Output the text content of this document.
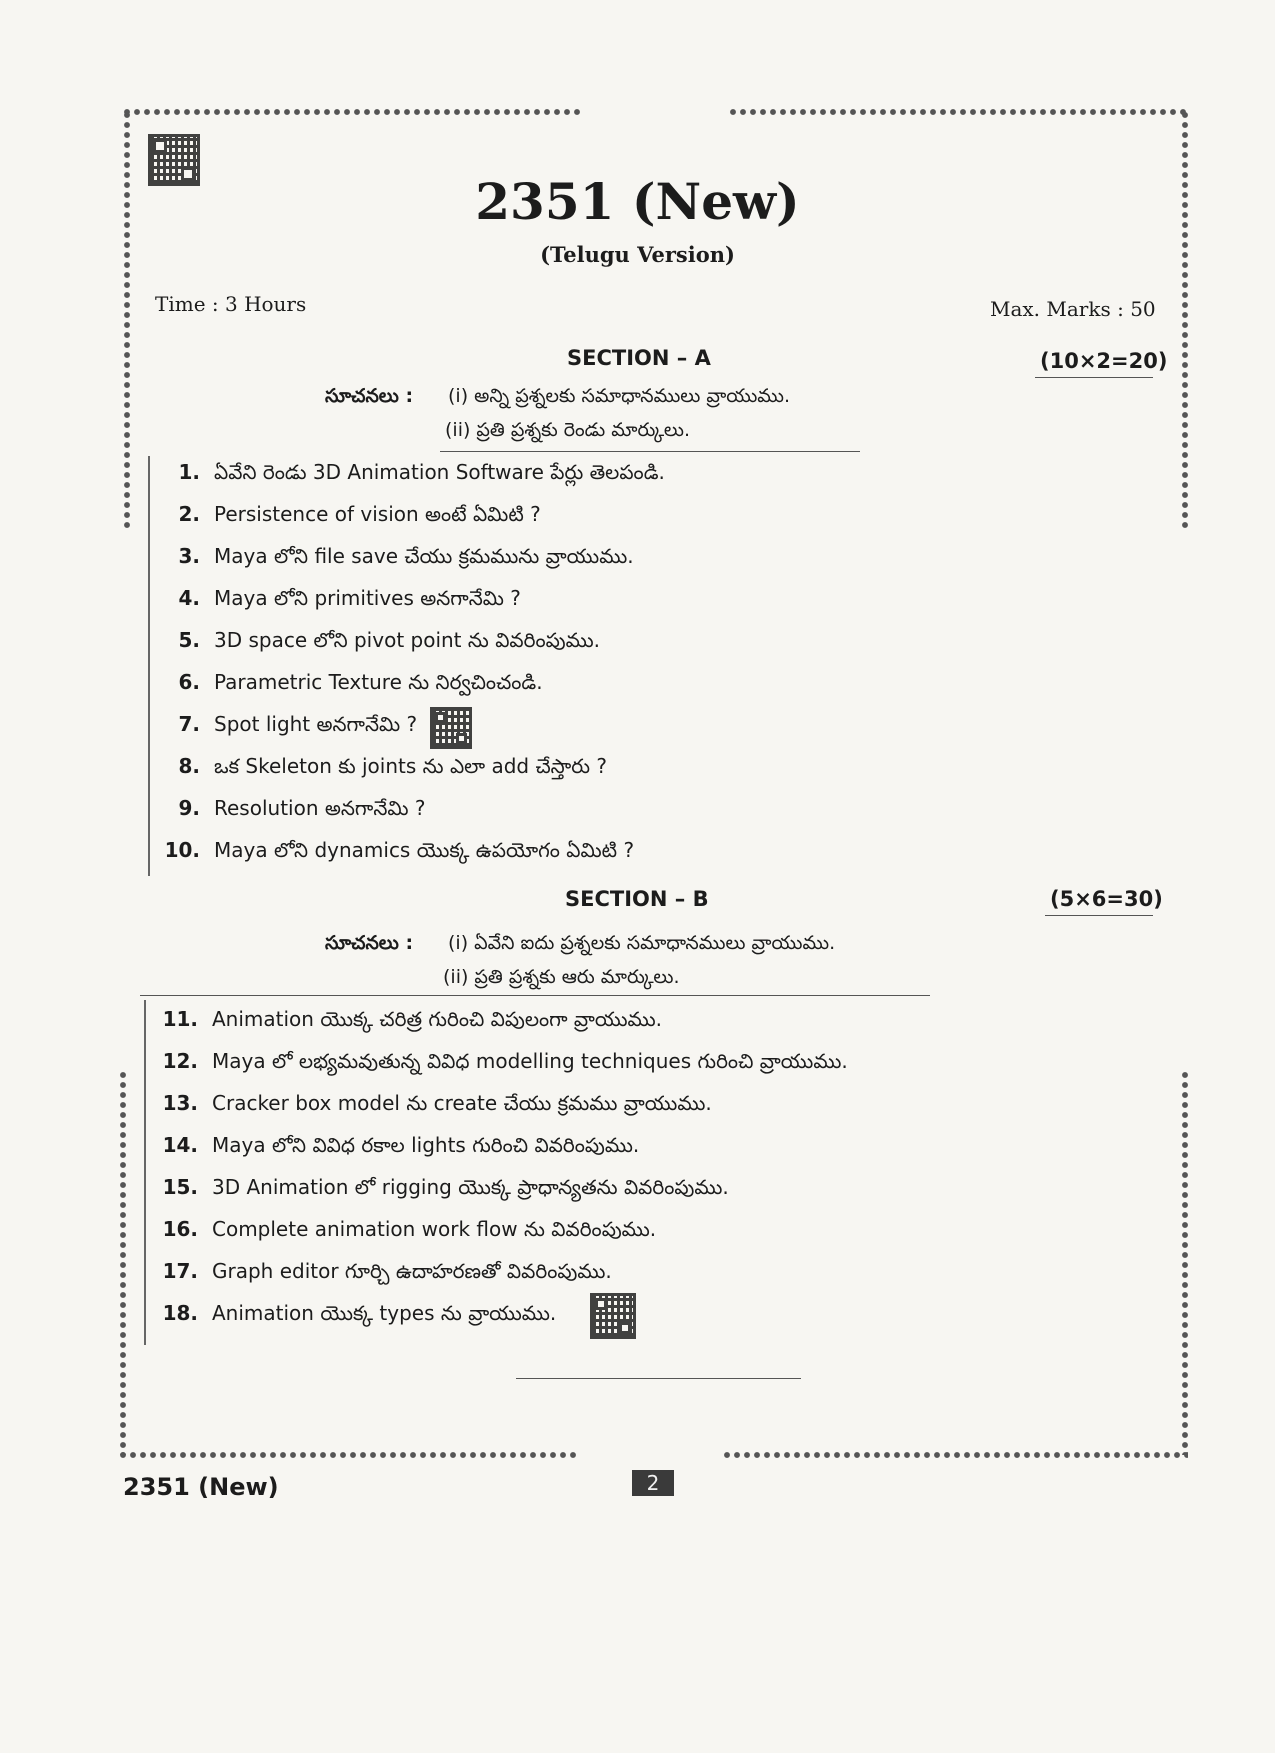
2351 (New)
(Telugu Version)
Time : 3 Hours	Max. Marks : 50
SECTION – A	(10×2=20)
సూచనలు : (i) అన్ని ప్రశ్నలకు సమాధానములు వ్రాయుము.
(ii) ప్రతి ప్రశ్నకు రెండు మార్కులు.
1. ఏవేని రెండు 3D Animation Software పేర్లు తెలపండి.
2. Persistence of vision అంటే ఏమిటి ?
3. Maya లోని file save చేయు క్రమమును వ్రాయుము.
4. Maya లోని primitives అనగానేమి ?
5. 3D space లోని pivot point ను వివరింపుము.
6. Parametric Texture ను నిర్వచించండి.
7. Spot light అనగానేమి ?
8. ఒక Skeleton కు joints ను ఎలా add చేస్తారు ?
9. Resolution అనగానేమి ?
10. Maya లోని dynamics యొక్క ఉపయోగం ఏమిటి ?
SECTION – B	(5×6=30)
సూచనలు : (i) ఏవేని ఐదు ప్రశ్నలకు సమాధానములు వ్రాయుము.
(ii) ప్రతి ప్రశ్నకు ఆరు మార్కులు.
11. Animation యొక్క చరిత్ర గురించి విపులంగా వ్రాయుము.
12. Maya లో లభ్యమవుతున్న వివిధ modelling techniques గురించి వ్రాయుము.
13. Cracker box model ను create చేయు క్రమము వ్రాయుము.
14. Maya లోని వివిధ రకాల lights గురించి వివరింపుము.
15. 3D Animation లో rigging యొక్క ప్రాధాన్యతను వివరింపుము.
16. Complete animation work flow ను వివరింపుము.
17. Graph editor గూర్చి ఉదాహరణతో వివరింపుము.
18. Animation యొక్క types ను వ్రాయుము.
2351 (New)	2
